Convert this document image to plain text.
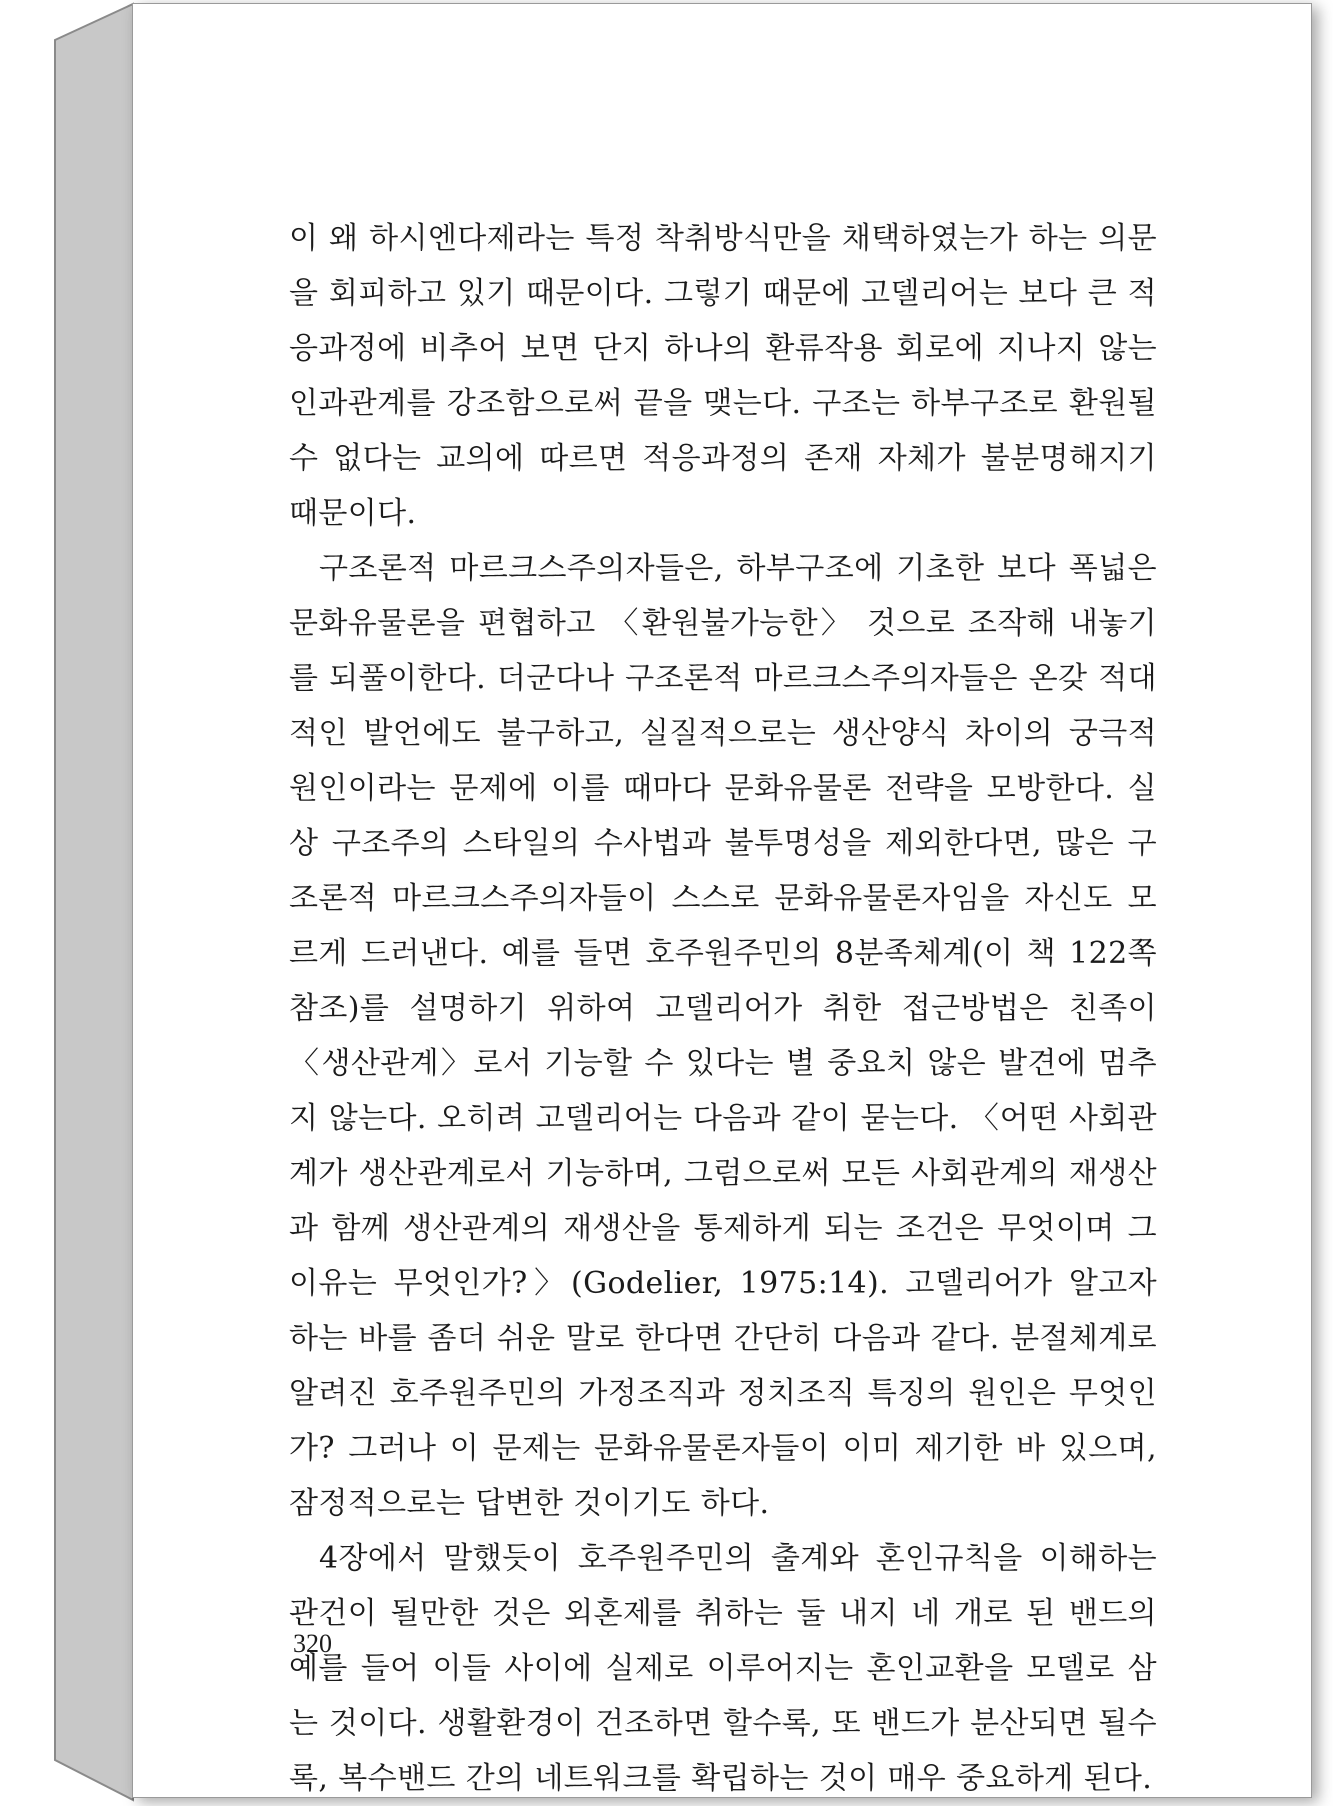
이 왜 하시엔다제라는 특정 착취방식만을 채택하였는가 하는 의문을 회피하고 있기 때문이다. 그렇기 때문에 고델리어는 보다 큰 적응과정에 비추어 보면 단지 하나의 환류작용 회로에 지나지 않는 인과관계를 강조함으로써 끝을 맺는다. 구조는 하부구조로 환원될 수 없다는 교의에 따르면 적응과정의 존재 자체가 불분명해지기 때문이다.

구조론적 마르크스주의자들은, 하부구조에 기초한 보다 폭넓은 문화유물론을 편협하고 〈환원불가능한〉 것으로 조작해 내놓기를 되풀이한다. 더군다나 구조론적 마르크스주의자들은 온갖 적대적인 발언에도 불구하고, 실질적으로는 생산양식 차이의 궁극적 원인이라는 문제에 이를 때마다 문화유물론 전략을 모방한다. 실상 구조주의 스타일의 수사법과 불투명성을 제외한다면, 많은 구조론적 마르크스주의자들이 스스로 문화유물론자임을 자신도 모르게 드러낸다. 예를 들면 호주원주민의 8분족체계(이 책 122쪽 참조)를 설명하기 위하여 고델리어가 취한 접근방법은 친족이 〈생산관계〉로서 기능할 수 있다는 별 중요치 않은 발견에 멈추지 않는다. 오히려 고델리어는 다음과 같이 묻는다. 〈어떤 사회관계가 생산관계로서 기능하며, 그럼으로써 모든 사회관계의 재생산과 함께 생산관계의 재생산을 통제하게 되는 조건은 무엇이며 그 이유는 무엇인가?〉(Godelier, 1975:14). 고델리어가 알고자 하는 바를 좀더 쉬운 말로 한다면 간단히 다음과 같다. 분절체계로 알려진 호주원주민의 가정조직과 정치조직 특징의 원인은 무엇인가? 그러나 이 문제는 문화유물론자들이 이미 제기한 바 있으며, 잠정적으로는 답변한 것이기도 하다.

4장에서 말했듯이 호주원주민의 출계와 혼인규칙을 이해하는 관건이 될만한 것은 외혼제를 취하는 둘 내지 네 개로 된 밴드의 예를 들어 이들 사이에 실제로 이루어지는 혼인교환을 모델로 삼는 것이다. 생활환경이 건조하면 할수록, 또 밴드가 분산되면 될수록, 복수밴드 간의 네트워크를 확립하는 것이 매우 중요하게 된다.

320
